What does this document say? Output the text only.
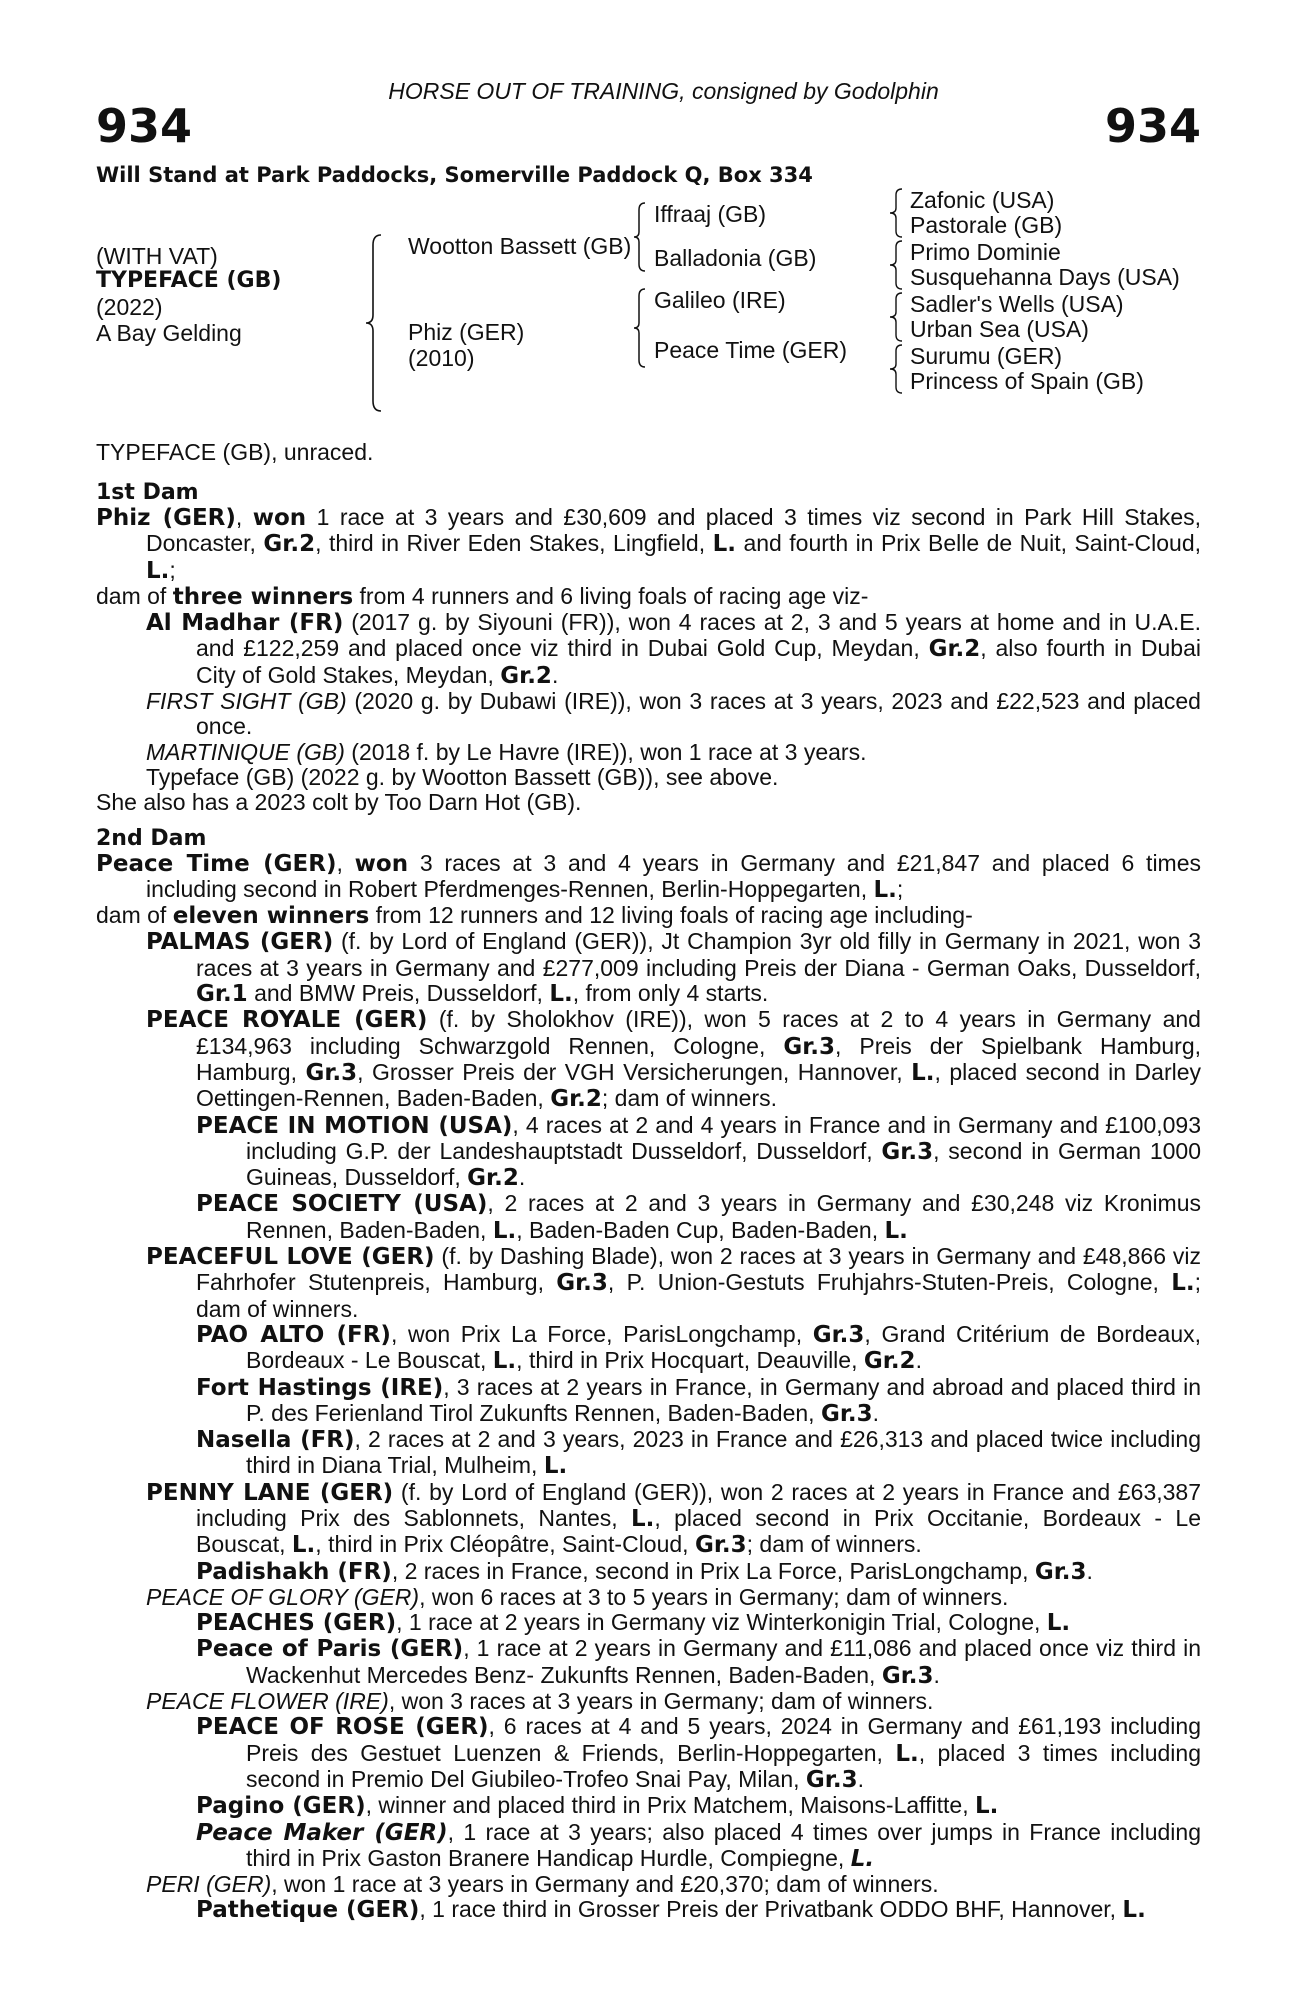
HORSE OUT OF TRAINING, consigned by Godolphin
934	934
Will Stand at Park Paddocks, Somerville Paddock Q, Box 334
(WITH VAT)
TYPEFACE (GB)
(2022)
A Bay Gelding
Wootton Bassett (GB)
Phiz (GER)
(2010)
Iffraaj (GB)
Balladonia (GB)
Galileo (IRE)
Peace Time (GER)
Zafonic (USA)
Pastorale (GB)
Primo Dominie
Susquehanna Days (USA)
Sadler's Wells (USA)
Urban Sea (USA)
Surumu (GER)
Princess of Spain (GB)
TYPEFACE (GB), unraced.
1st Dam

Phiz (GER), won 1 race at 3 years and £30,609 and placed 3 times viz second in Park Hill Stakes, Doncaster, Gr.2, third in River Eden Stakes, Lingfield, L. and fourth in Prix Belle de Nuit, Saint-Cloud, L.;

dam of three winners from 4 runners and 6 living foals of racing age viz-

Al Madhar (FR) (2017 g. by Siyouni (FR)), won 4 races at 2, 3 and 5 years at home and in U.A.E. and £122,259 and placed once viz third in Dubai Gold Cup, Meydan, Gr.2, also fourth in Dubai City of Gold Stakes, Meydan, Gr.2.

FIRST SIGHT (GB) (2020 g. by Dubawi (IRE)), won 3 races at 3 years, 2023 and £22,523 and placed once.

MARTINIQUE (GB) (2018 f. by Le Havre (IRE)), won 1 race at 3 years.

Typeface (GB) (2022 g. by Wootton Bassett (GB)), see above.

She also has a 2023 colt by Too Darn Hot (GB).

2nd Dam

Peace Time (GER), won 3 races at 3 and 4 years in Germany and £21,847 and placed 6 times including second in Robert Pferdmenges-Rennen, Berlin-Hoppegarten, L.;

dam of eleven winners from 12 runners and 12 living foals of racing age including-

PALMAS (GER) (f. by Lord of England (GER)), Jt Champion 3yr old filly in Germany in 2021, won 3 races at 3 years in Germany and £277,009 including Preis der Diana - German Oaks, Dusseldorf, Gr.1 and BMW Preis, Dusseldorf, L., from only 4 starts.

PEACE ROYALE (GER) (f. by Sholokhov (IRE)), won 5 races at 2 to 4 years in Germany and £134,963 including Schwarzgold Rennen, Cologne, Gr.3, Preis der Spielbank Hamburg, Hamburg, Gr.3, Grosser Preis der VGH Versicherungen, Hannover, L., placed second in Darley Oettingen-Rennen, Baden-Baden, Gr.2; dam of winners.

PEACE IN MOTION (USA), 4 races at 2 and 4 years in France and in Germany and £100,093 including G.P. der Landeshauptstadt Dusseldorf, Dusseldorf, Gr.3, second in German 1000 Guineas, Dusseldorf, Gr.2.

PEACE SOCIETY (USA), 2 races at 2 and 3 years in Germany and £30,248 viz Kronimus Rennen, Baden-Baden, L., Baden-Baden Cup, Baden-Baden, L.

PEACEFUL LOVE (GER) (f. by Dashing Blade), won 2 races at 3 years in Germany and £48,866 viz Fahrhofer Stutenpreis, Hamburg, Gr.3, P. Union-Gestuts Fruhjahrs-Stuten-Preis, Cologne, L.; dam of winners.

PAO ALTO (FR), won Prix La Force, ParisLongchamp, Gr.3, Grand Critérium de Bordeaux, Bordeaux - Le Bouscat, L., third in Prix Hocquart, Deauville, Gr.2.

Fort Hastings (IRE), 3 races at 2 years in France, in Germany and abroad and placed third in P. des Ferienland Tirol Zukunfts Rennen, Baden-Baden, Gr.3.

Nasella (FR), 2 races at 2 and 3 years, 2023 in France and £26,313 and placed twice including third in Diana Trial, Mulheim, L.

PENNY LANE (GER) (f. by Lord of England (GER)), won 2 races at 2 years in France and £63,387 including Prix des Sablonnets, Nantes, L., placed second in Prix Occitanie, Bordeaux - Le Bouscat, L., third in Prix Cléopâtre, Saint-Cloud, Gr.3; dam of winners.

Padishakh (FR), 2 races in France, second in Prix La Force, ParisLongchamp, Gr.3.

PEACE OF GLORY (GER), won 6 races at 3 to 5 years in Germany; dam of winners.

PEACHES (GER), 1 race at 2 years in Germany viz Winterkonigin Trial, Cologne, L.

Peace of Paris (GER), 1 race at 2 years in Germany and £11,086 and placed once viz third in Wackenhut Mercedes Benz- Zukunfts Rennen, Baden-Baden, Gr.3.

PEACE FLOWER (IRE), won 3 races at 3 years in Germany; dam of winners.

PEACE OF ROSE (GER), 6 races at 4 and 5 years, 2024 in Germany and £61,193 including Preis des Gestuet Luenzen & Friends, Berlin-Hoppegarten, L., placed 3 times including second in Premio Del Giubileo-Trofeo Snai Pay, Milan, Gr.3.

Pagino (GER), winner and placed third in Prix Matchem, Maisons-Laffitte, L.

Peace Maker (GER), 1 race at 3 years; also placed 4 times over jumps in France including third in Prix Gaston Branere Handicap Hurdle, Compiegne, L.

PERI (GER), won 1 race at 3 years in Germany and £20,370; dam of winners.

Pathetique (GER), 1 race third in Grosser Preis der Privatbank ODDO BHF, Hannover, L.
